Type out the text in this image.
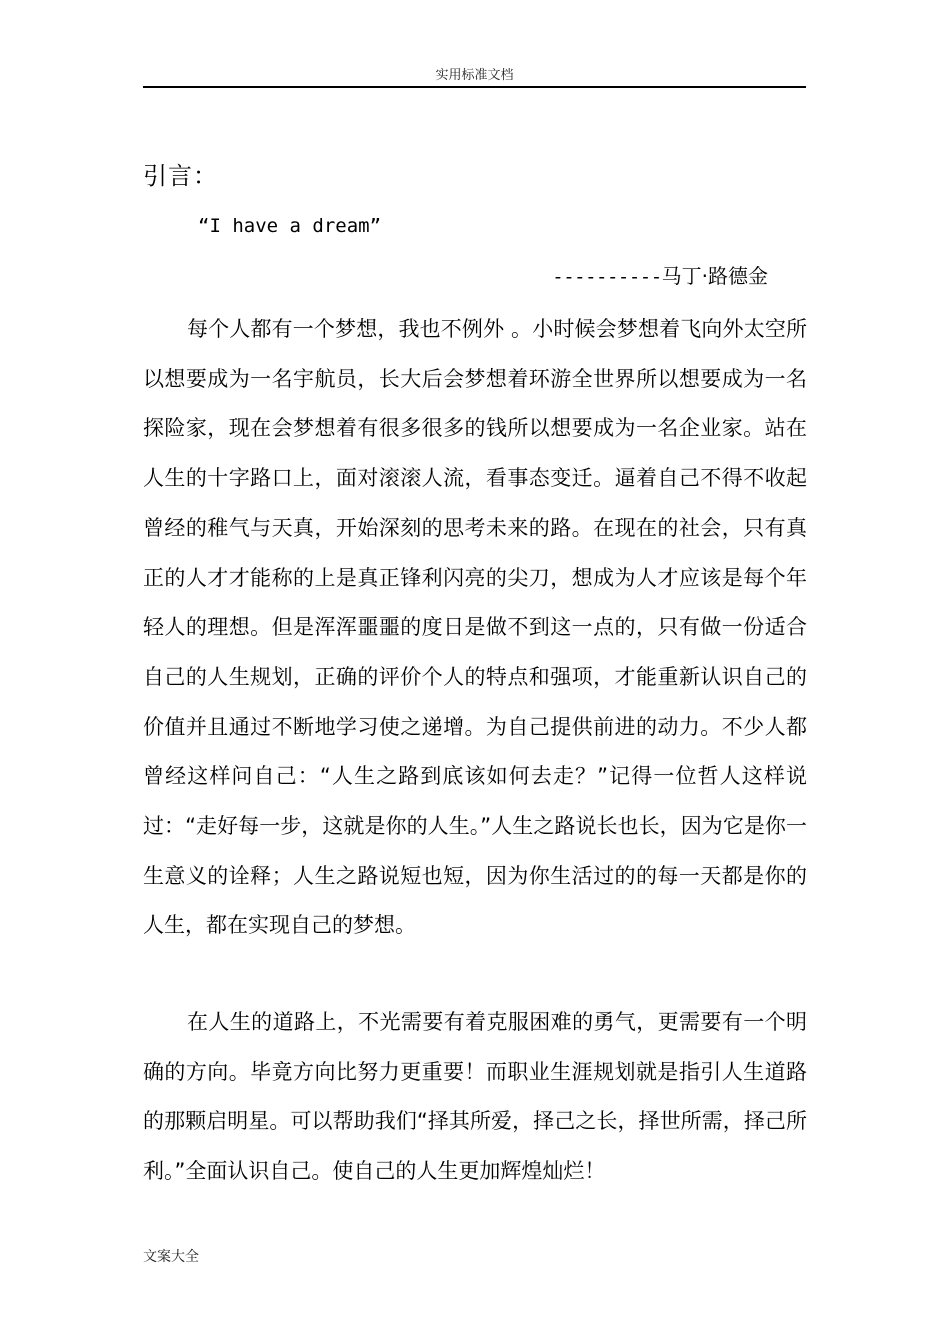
实用标准文档
引言：
“I have a dream”
----------马丁·路德金

每个人都有一个梦想，我也不例外 。小时候会梦想着飞向外太空所以想要成为一名宇航员，长大后会梦想着环游全世界所以想要成为一名探险家，现在会梦想着有很多很多的钱所以想要成为一名企业家。站在人生的十字路口上，面对滚滚人流，看事态变迁。逼着自己不得不收起曾经的稚气与天真，开始深刻的思考未来的路。在现在的社会，只有真正的人才才能称的上是真正锋利闪亮的尖刀，想成为人才应该是每个年轻人的理想。但是浑浑噩噩的度日是做不到这一点的，只有做一份适合自己的人生规划，正确的评价个人的特点和强项，才能重新认识自己的价值并且通过不断地学习使之递增。为自己提供前进的动力。不少人都曾经这样问自己：“人生之路到底该如何去走？”记得一位哲人这样说过：“走好每一步，这就是你的人生。”人生之路说长也长，因为它是你一生意义的诠释；人生之路说短也短，因为你生活过的的每一天都是你的人生，都在实现自己的梦想。

在人生的道路上，不光需要有着克服困难的勇气，更需要有一个明确的方向。毕竟方向比努力更重要！而职业生涯规划就是指引人生道路的那颗启明星。可以帮助我们“择其所爱，择己之长，择世所需，择己所利。”全面认识自己。使自己的人生更加辉煌灿烂！

文案大全
